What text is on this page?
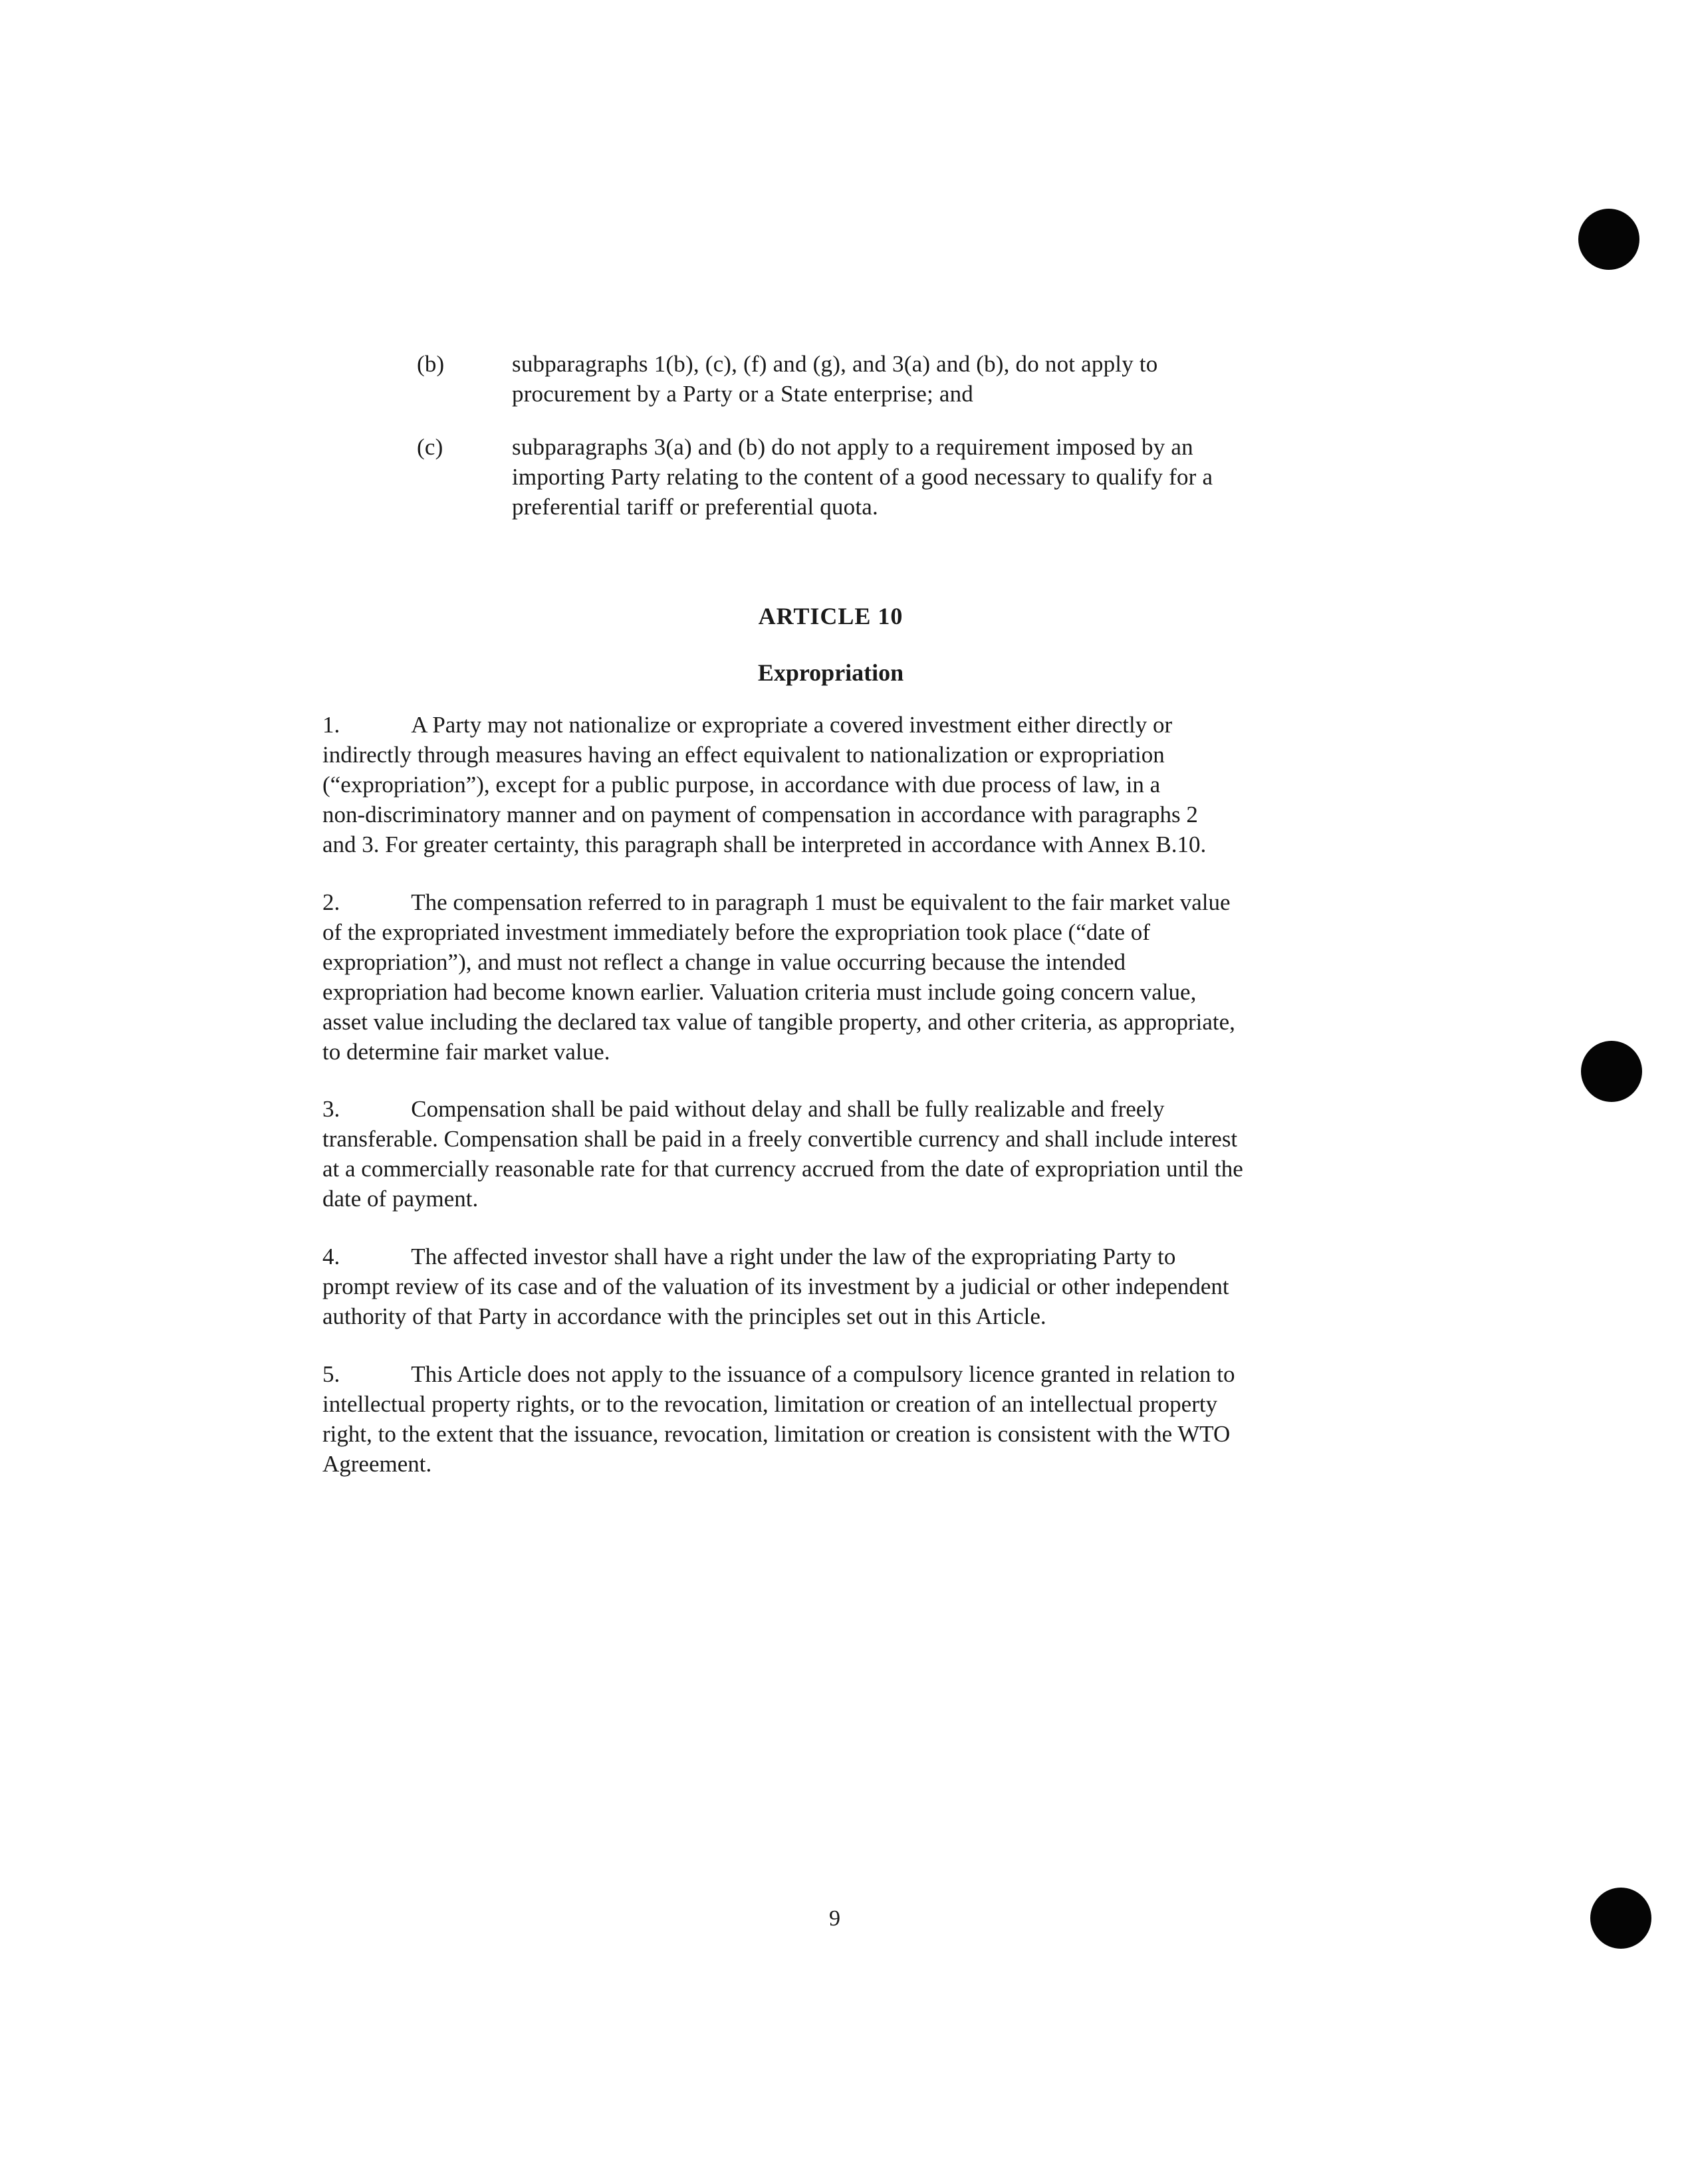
(b)	subparagraphs 1(b), (c), (f) and (g), and 3(a) and (b), do not apply to
procurement by a Party or a State enterprise; and
(c)	subparagraphs 3(a) and (b) do not apply to a requirement imposed by an
importing Party relating to the content of a good necessary to qualify for a
preferential tariff or preferential quota.
ARTICLE 10
Expropriation
1.	A Party may not nationalize or expropriate a covered investment either directly or
indirectly through measures having an effect equivalent to nationalization or expropriation
(“expropriation”), except for a public purpose, in accordance with due process of law, in a
non-discriminatory manner and on payment of compensation in accordance with paragraphs 2
and 3. For greater certainty, this paragraph shall be interpreted in accordance with Annex B.10.
2.	The compensation referred to in paragraph 1 must be equivalent to the fair market value
of the expropriated investment immediately before the expropriation took place (“date of
expropriation”), and must not reflect a change in value occurring because the intended
expropriation had become known earlier. Valuation criteria must include going concern value,
asset value including the declared tax value of tangible property, and other criteria, as appropriate,
to determine fair market value.
3.	Compensation shall be paid without delay and shall be fully realizable and freely
transferable. Compensation shall be paid in a freely convertible currency and shall include interest
at a commercially reasonable rate for that currency accrued from the date of expropriation until the
date of payment.
4.	The affected investor shall have a right under the law of the expropriating Party to
prompt review of its case and of the valuation of its investment by a judicial or other independent
authority of that Party in accordance with the principles set out in this Article.
5.	This Article does not apply to the issuance of a compulsory licence granted in relation to
intellectual property rights, or to the revocation, limitation or creation of an intellectual property
right, to the extent that the issuance, revocation, limitation or creation is consistent with the WTO
Agreement.
9
